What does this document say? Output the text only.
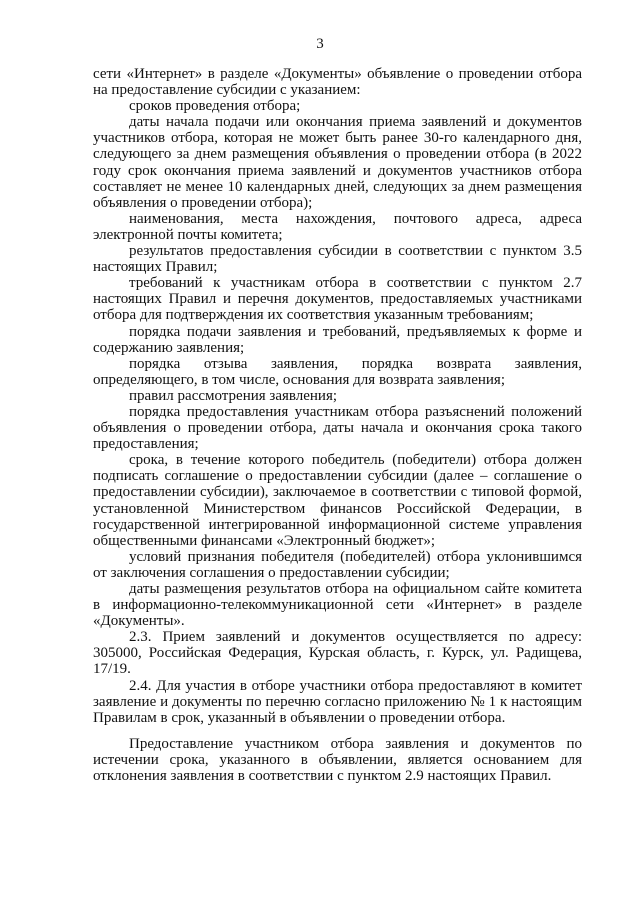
3

сети «Интернет» в разделе «Документы» объявление о проведении отбора на предоставление субсидии с указанием:

сроков проведения отбора;

даты начала подачи или окончания приема заявлений и документов участников отбора, которая не может быть ранее 30-го календарного дня, следующего за днем размещения объявления о проведении отбора (в 2022 году срок окончания приема заявлений и документов участников отбора составляет не менее 10 календарных дней, следующих за днем размещения объявления о проведении отбора);

наименования, места нахождения, почтового адреса, адреса электронной почты комитета;

результатов предоставления субсидии в соответствии с пунктом 3.5 настоящих Правил;

требований к участникам отбора в соответствии с пунктом 2.7 настоящих Правил и перечня документов, предоставляемых участниками отбора для подтверждения их соответствия указанным требованиям;

порядка подачи заявления и требований, предъявляемых к форме и содержанию заявления;

порядка отзыва заявления, порядка возврата заявления, определяющего, в том числе, основания для возврата заявления;

правил рассмотрения заявления;

порядка предоставления участникам отбора разъяснений положений объявления о проведении отбора, даты начала и окончания срока такого предоставления;

срока, в течение которого победитель (победители) отбора должен подписать соглашение о предоставлении субсидии (далее – соглашение о предоставлении субсидии), заключаемое в соответствии с типовой формой, установленной Министерством финансов Российской Федерации, в государственной интегрированной информационной системе управления общественными финансами «Электронный бюджет»;

условий признания победителя (победителей) отбора уклонившимся от заключения соглашения о предоставлении субсидии;

даты размещения результатов отбора на официальном сайте комитета в информационно-телекоммуникационной сети «Интернет» в разделе «Документы».

2.3. Прием заявлений и документов осуществляется по адресу: 305000, Российская Федерация, Курская область, г. Курск, ул. Радищева, 17/19.

2.4. Для участия в отборе участники отбора предоставляют в комитет заявление и документы по перечню согласно приложению № 1 к настоящим Правилам в срок, указанный в объявлении о проведении отбора.

Предоставление участником отбора заявления и документов по истечении срока, указанного в объявлении, является основанием для отклонения заявления в соответствии с пунктом 2.9 настоящих Правил.
